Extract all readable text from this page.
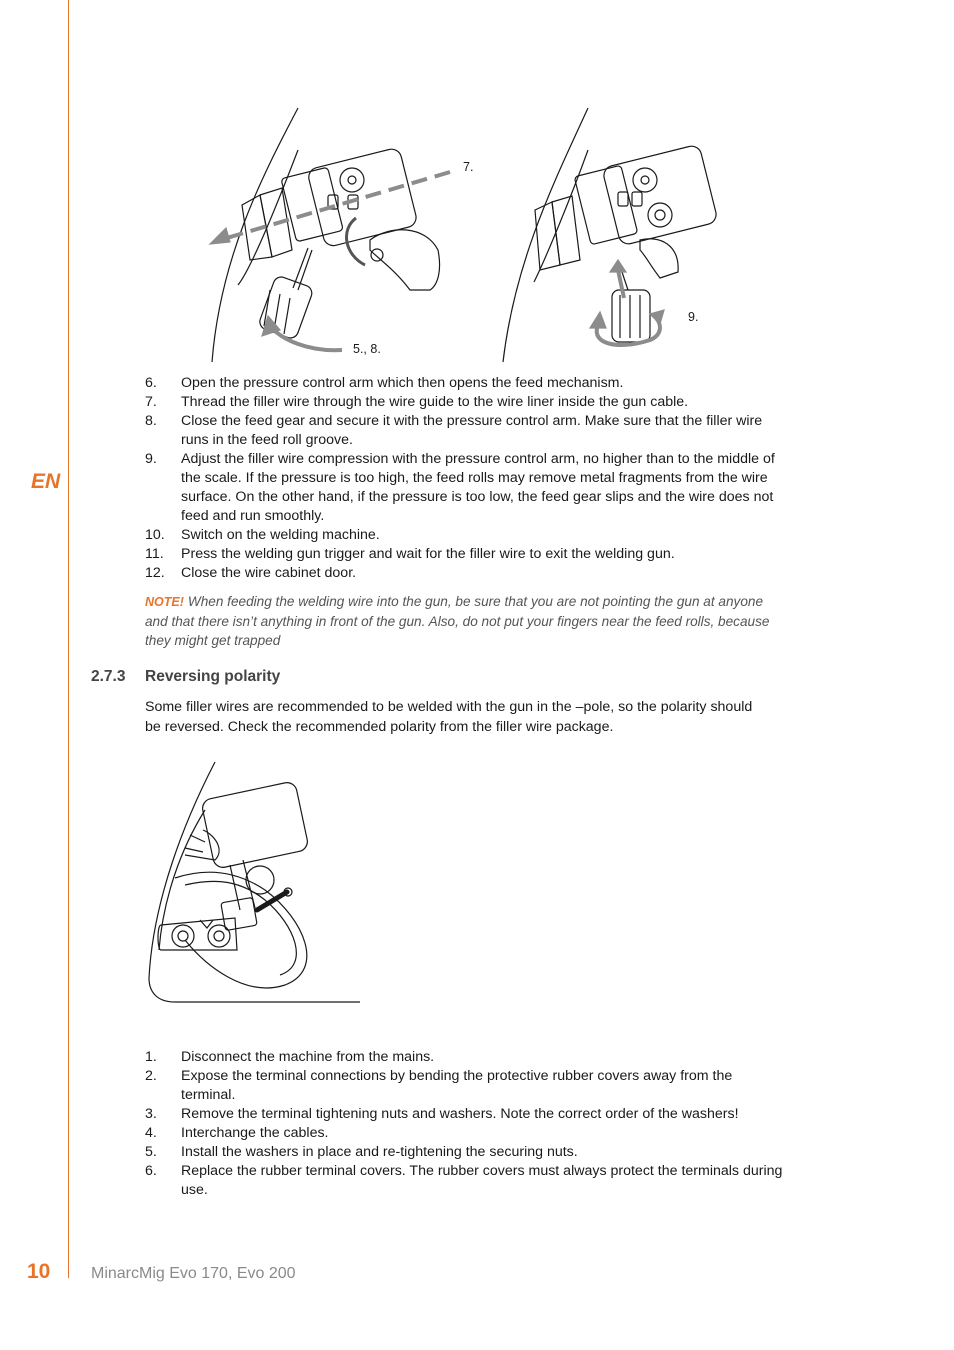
EN
7.
5., 8.
9.
6. Open the pressure control arm which then opens the feed mechanism.
7. Thread the filler wire through the wire guide to the wire liner inside the gun cable.
8. Close the feed gear and secure it with the pressure control arm. Make sure that the filler wire runs in the feed roll groove.
9. Adjust the filler wire compression with the pressure control arm, no higher than to the middle of the scale. If the pressure is too high, the feed rolls may remove metal fragments from the wire surface. On the other hand, if the pressure is too low, the feed gear slips and the wire does not feed and run smoothly.
10. Switch on the welding machine.
11. Press the welding gun trigger and wait for the filler wire to exit the welding gun.
12. Close the wire cabinet door.
NOTE! When feeding the welding wire into the gun, be sure that you are not pointing the gun at anyone and that there isn’t anything in front of the gun. Also, do not put your fingers near the feed rolls, because they might get trapped
2.7.3 Reversing polarity
Some filler wires are recommended to be welded with the gun in the –pole, so the polarity should be reversed. Check the recommended polarity from the filler wire package.
1. Disconnect the machine from the mains.
2. Expose the terminal connections by bending the protective rubber covers away from the terminal.
3. Remove the terminal tightening nuts and washers. Note the correct order of the washers!
4. Interchange the cables.
5. Install the washers in place and re-tightening the securing nuts.
6. Replace the rubber terminal covers. The rubber covers must always protect the terminals during use.
10	MinarcMig Evo 170, Evo 200
